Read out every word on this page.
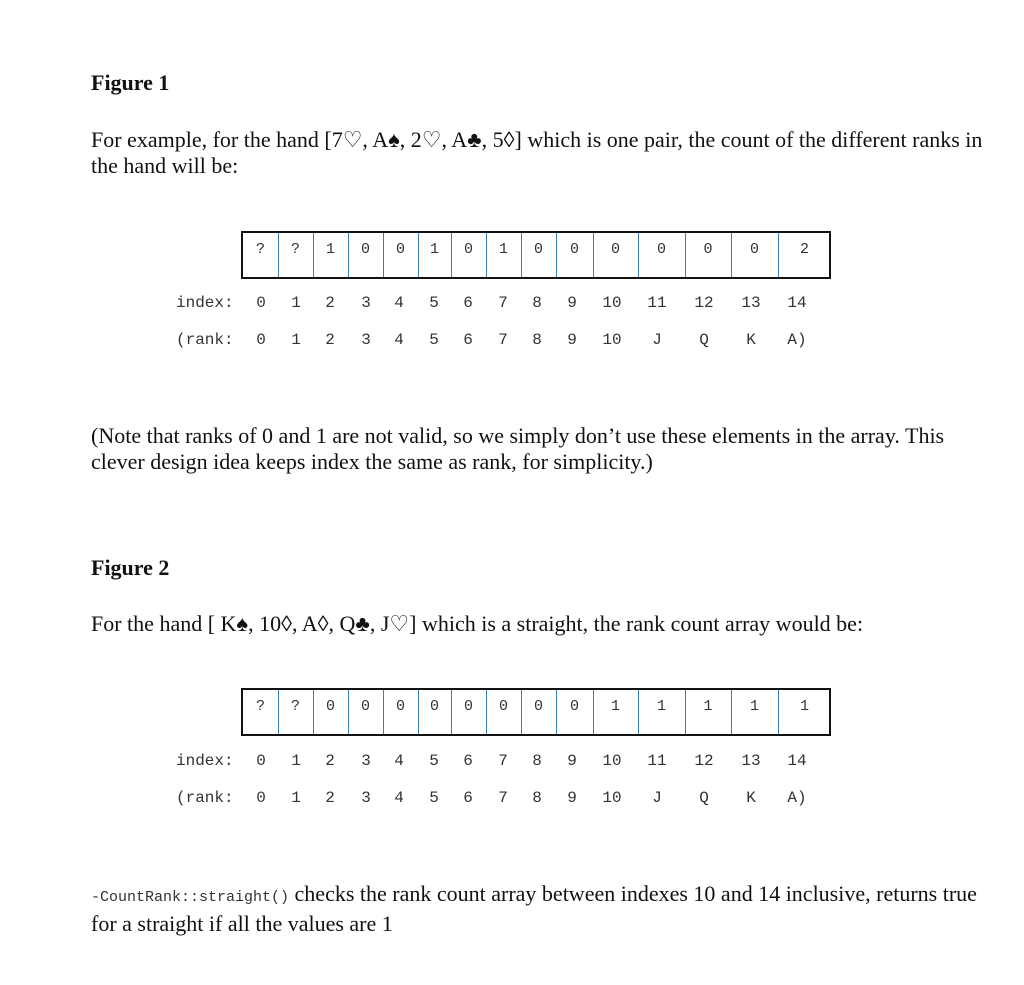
Figure 1
For example, for the hand [7♡, A♠, 2♡, A♣, 5◊] which is one pair, the count of the different ranks in the hand will be:
?	?	1	0	0	1	0	1	0	0	0	0	0	0	2
index:	0	1	2	3	4	5	6	7	8	9	10	11	12	13	14
(rank:	0	1	2	3	4	5	6	7	8	9	10	J	Q	K	A)
(Note that ranks of 0 and 1 are not valid, so we simply don’t use these elements in the array. This clever design idea keeps index the same as rank, for simplicity.)
Figure 2
For the hand [ K♠, 10◊, A◊, Q♣, J♡] which is a straight, the rank count array would be:
?	?	0	0	0	0	0	0	0	0	1	1	1	1	1
index:	0	1	2	3	4	5	6	7	8	9	10	11	12	13	14
(rank:	0	1	2	3	4	5	6	7	8	9	10	J	Q	K	A)
-CountRank::straight() checks the rank count array between indexes 10 and 14 inclusive, returns true for a straight if all the values are 1
